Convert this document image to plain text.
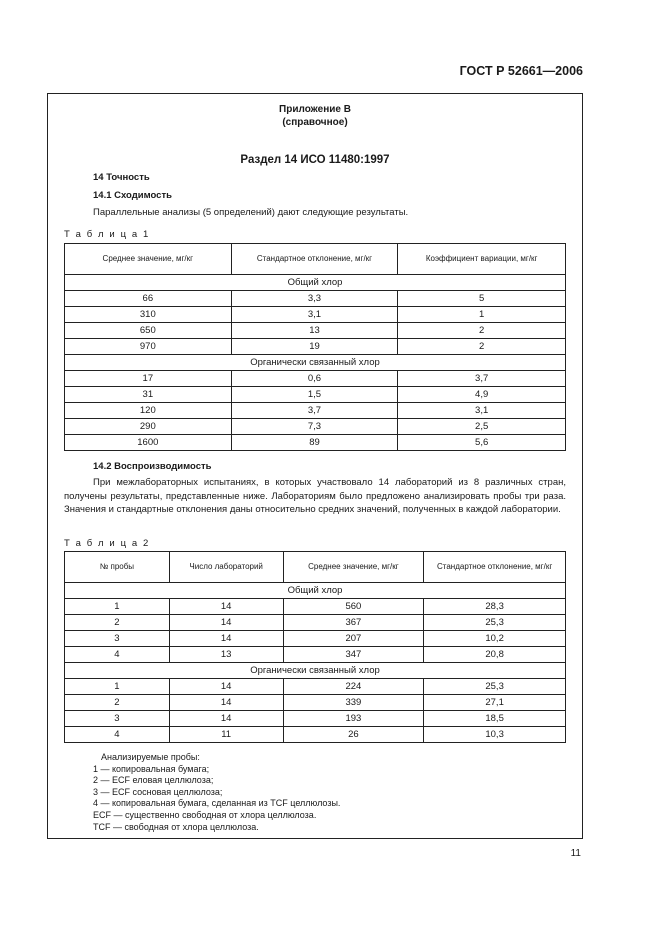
ГОСТ Р 52661—2006
Приложение В
(справочное)
Раздел 14 ИСО 11480:1997
14 Точность
14.1 Сходимость
Параллельные анализы (5 определений) дают следующие результаты.
Т а б л и ц а 1
Среднее значение, мг/кг	Стандартное отклонение, мг/кг	Коэффициент вариации, мг/кг
Общий хлор		
66	3,3	5
310	3,1	1
650	13	2
970	19	2
Органически связанный хлор		
17	0,6	3,7
31	1,5	4,9
120	3,7	3,1
290	7,3	2,5
1600	89	5,6
14.2 Воспроизводимость
При межлабораторных испытаниях, в которых участвовало 14 лабораторий из 8 различных стран, получены результаты, представленные ниже. Лабораториям было предложено анализировать пробы три раза. Значения и стандартные отклонения даны относительно средних значений, полученных в каждой лаборатории.
Т а б л и ц а 2
№ пробы	Число лабораторий	Среднее значение, мг/кг	Стандартное отклонение, мг/кг
Общий хлор			
1	14	560	28,3
2	14	367	25,3
3	14	207	10,2
4	13	347	20,8
Органически связанный хлор			
1	14	224	25,3
2	14	339	27,1
3	14	193	18,5
4	11	26	10,3
Анализируемые пробы:
1 — копировальная бумага;
2 — ECF еловая целлюлоза;
3 — ECF сосновая целлюлоза;
4 — копировальная бумага, сделанная из TCF целлюлозы.
ECF — существенно свободная от хлора целлюлоза.
TCF — свободная от хлора целлюлоза.
11
